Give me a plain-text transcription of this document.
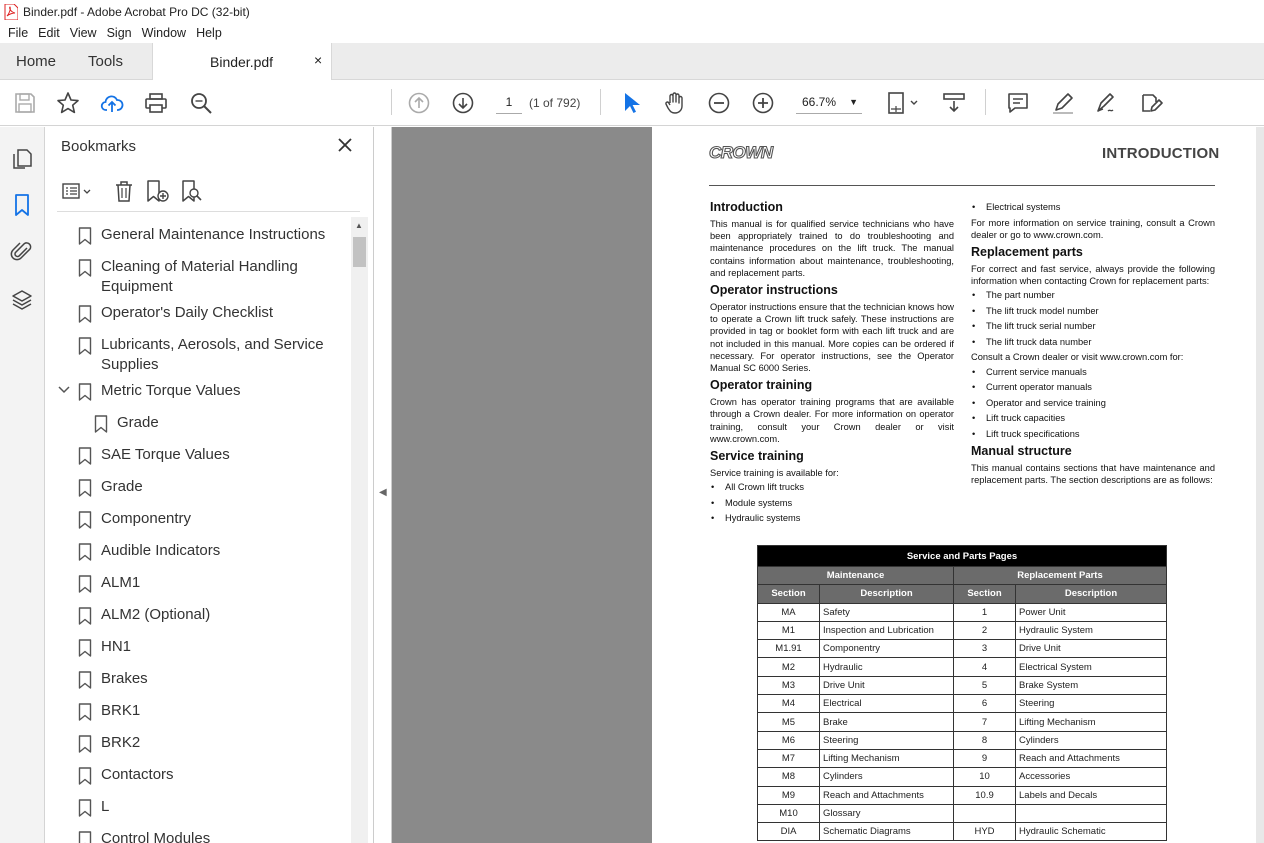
Binder.pdf - Adobe Acrobat Pro DC (32-bit)
File Edit View Sign Window Help
Home Tools	Binder.pdf	×
1	(1 of 792)	66.7% ▼
Bookmarks
General Maintenance Instructions
Cleaning of Material Handling Equipment
Operator's Daily Checklist
Lubricants, Aerosols, and Service Supplies
Metric Torque Values
Grade
SAE Torque Values
Grade
Componentry
Audible Indicators
ALM1
ALM2 (Optional)
HN1
Brakes
BRK1
BRK2
Contactors
L
Control Modules
▲
◀
CROWN	INTRODUCTION
Introduction

This manual is for qualified service technicians who have been appropriately trained to do troubleshooting and maintenance procedures on the lift truck. The manual contains information about maintenance, troubleshooting, and replacement parts.

Operator instructions

Operator instructions ensure that the technician knows how to operate a Crown lift truck safely. These instructions are provided in tag or booklet form with each lift truck and are not included in this manual. More copies can be ordered if necessary. For operator instructions, see the Operator Manual SC 6000 Series.

Operator training

Crown has operator training programs that are available through a Crown dealer. For more information on operator training, consult your Crown dealer or visit www.crown.com.

Service training

Service training is available for:

• All Crown lift trucks
• Module systems
• Hydraulic systems
• Electrical systems

For more information on service training, consult a Crown dealer or go to www.crown.com.

Replacement parts

For correct and fast service, always provide the following information when contacting Crown for replacement parts:

• The part number
• The lift truck model number
• The lift truck serial number
• The lift truck data number

Consult a Crown dealer or visit www.crown.com for:

• Current service manuals
• Current operator manuals
• Operator and service training
• Lift truck capacities
• Lift truck specifications
Manual structure

This manual contains sections that have maintenance and replacement parts. The section descriptions are as follows:

Service and Parts Pages			
Maintenance		Replacement Parts	
Section	Description	Section	Description
MA	Safety	1	Power Unit
M1	Inspection and Lubrication	2	Hydraulic System
M1.91	Componentry	3	Drive Unit
M2	Hydraulic	4	Electrical System
M3	Drive Unit	5	Brake System
M4	Electrical	6	Steering
M5	Brake	7	Lifting Mechanism
M6	Steering	8	Cylinders
M7	Lifting Mechanism	9	Reach and Attachments
M8	Cylinders	10	Accessories
M9	Reach and Attachments	10.9	Labels and Decals
M10	Glossary		
DIA	Schematic Diagrams	HYD	Hydraulic Schematic
